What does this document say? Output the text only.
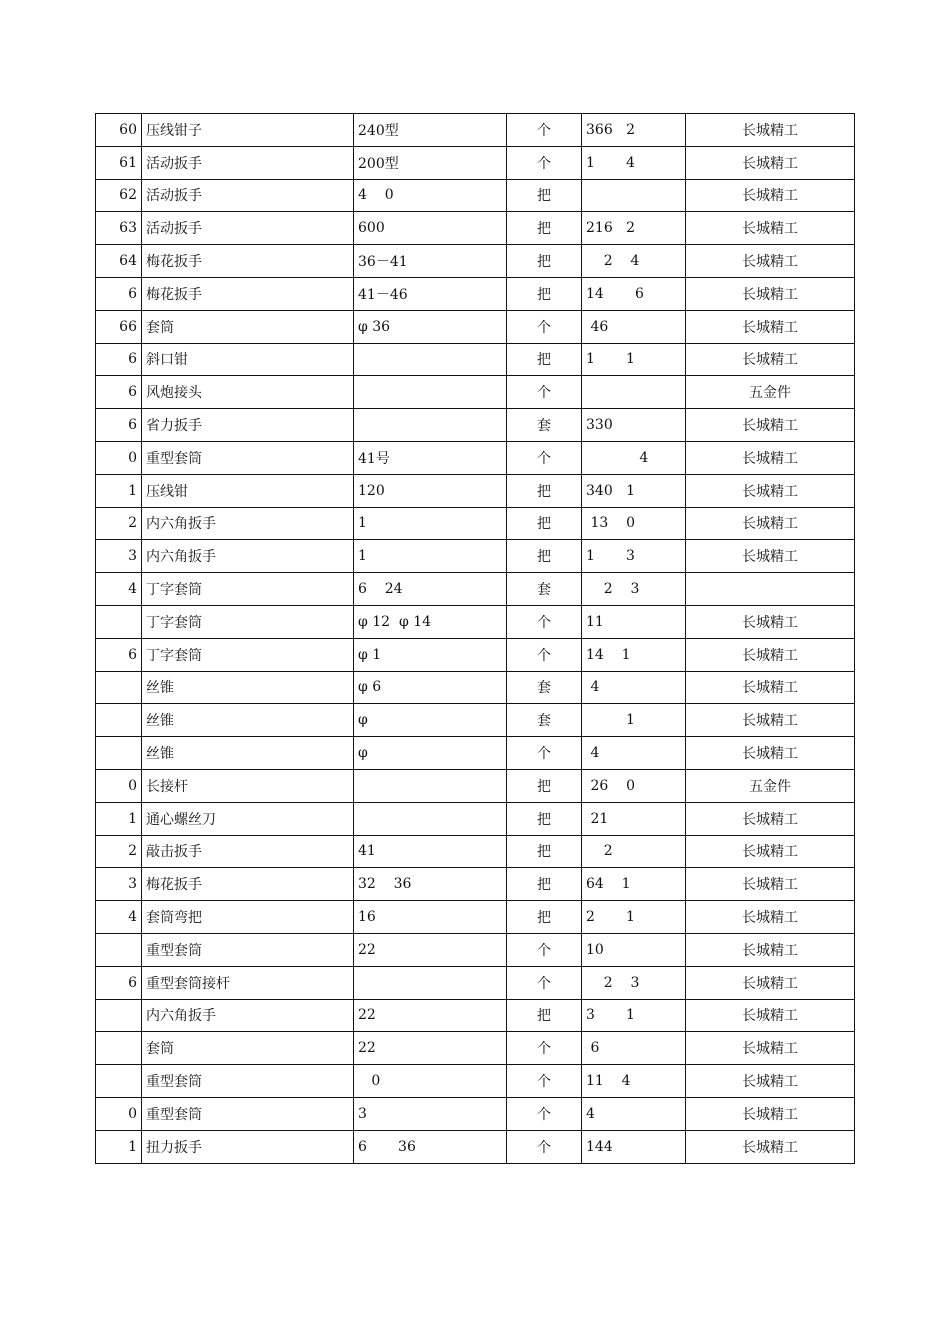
60	压线钳子	240型	个	366   2	长城精工
61	活动扳手	200型	个	1       4	长城精工
62	活动扳手	4    0	把		长城精工
63	活动扳手	600	把	216   2	长城精工
64	梅花扳手	36－41	把	2    4	长城精工
6	梅花扳手	41－46	把	14       6	长城精工
66	套筒	φ 36	个	46	长城精工
6	斜口钳		把	1       1	长城精工
6	风炮接头		个		五金件
6	省力扳手		套	330	长城精工
0	重型套筒	41号	个	4	长城精工
1	压线钳	120	把	340   1	长城精工
2	内六角扳手	1	把	13    0	长城精工
3	内六角扳手	1	把	1       3	长城精工
4	丁字套筒	6    24	套	2    3	
	丁字套筒	φ 12  φ 14	个	11	长城精工
6	丁字套筒	φ 1	个	14    1	长城精工
	丝锥	φ 6	套	4	长城精工
	丝锥	φ	套	1	长城精工
	丝锥	φ	个	4	长城精工
0	长接杆		把	26    0	五金件
1	通心螺丝刀		把	21	长城精工
2	敲击扳手	41	把	2	长城精工
3	梅花扳手	32    36	把	64    1	长城精工
4	套筒弯把	16	把	2       1	长城精工
	重型套筒	22	个	10	长城精工
6	重型套筒接杆		个	2    3	长城精工
	内六角扳手	22	把	3       1	长城精工
	套筒	22	个	6	长城精工
	重型套筒	0	个	11    4	长城精工
0	重型套筒	3	个	4	长城精工
1	扭力扳手	6       36	个	144	长城精工
